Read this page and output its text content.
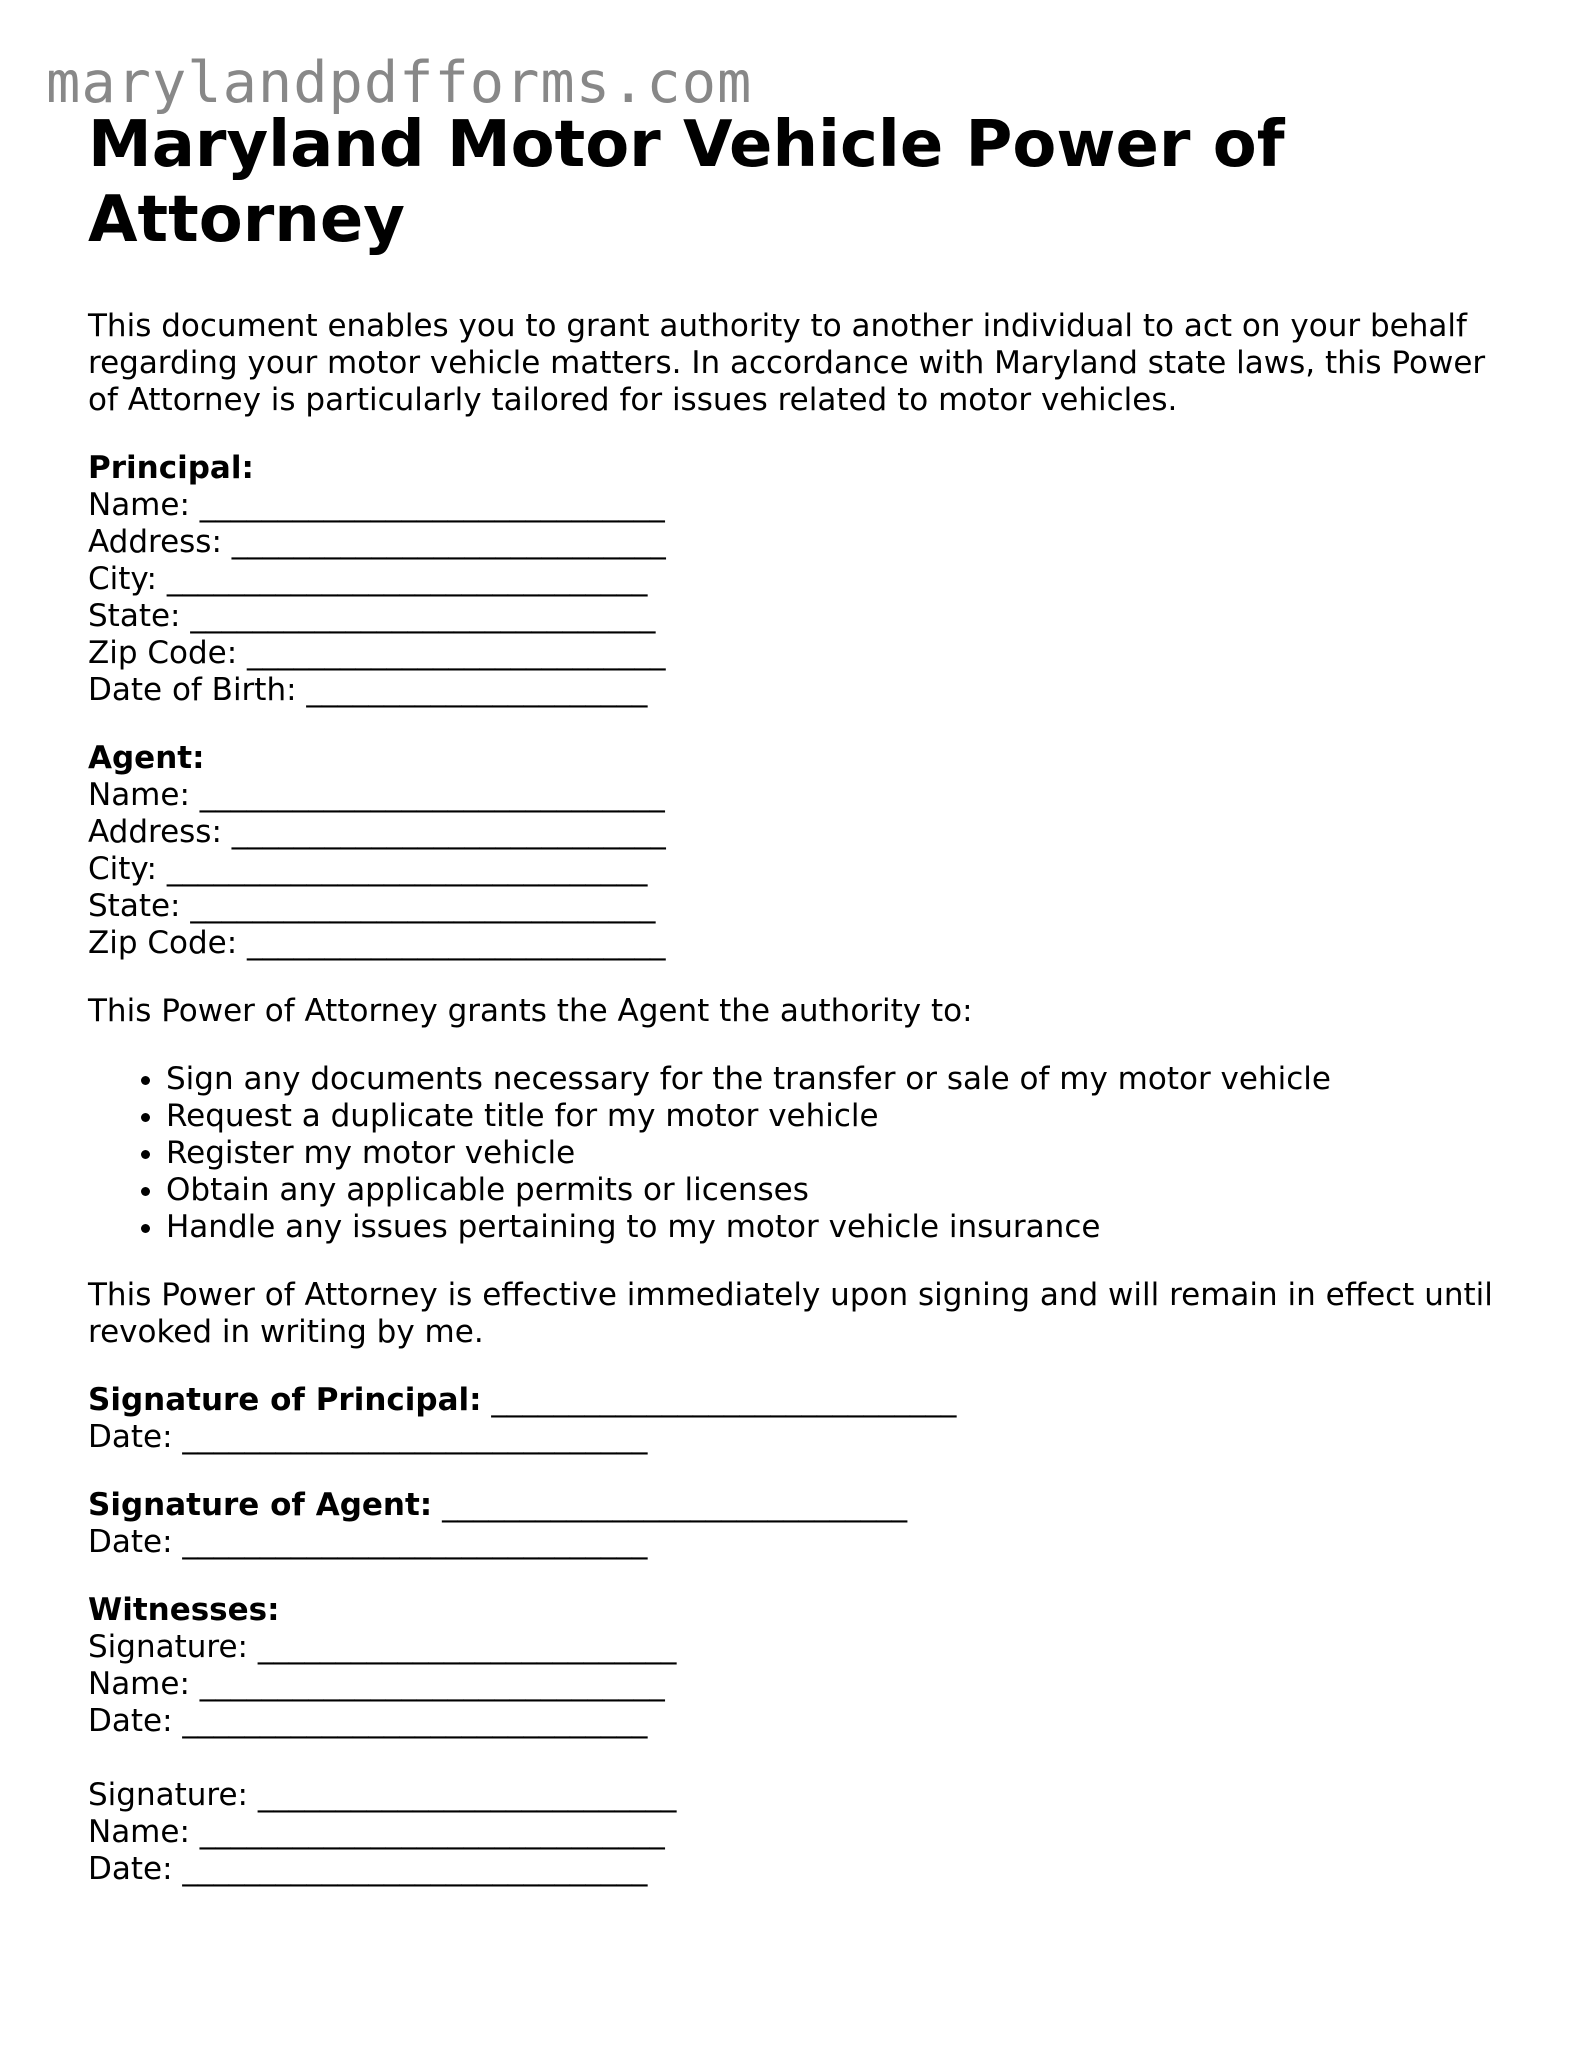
marylandpdfforms.com
Maryland Motor Vehicle Power of Attorney

This document enables you to grant authority to another individual to act on your behalf regarding your motor vehicle matters. In accordance with Maryland state laws, this Power of Attorney is particularly tailored for issues related to motor vehicles.

Principal:
Name: ______________________________
Address: ____________________________
City: _______________________________
State: ______________________________
Zip Code: ___________________________
Date of Birth: ______________________
Agent:
Name: ______________________________
Address: ____________________________
City: _______________________________
State: ______________________________
Zip Code: ___________________________

This Power of Attorney grants the Agent the authority to:

• Sign any documents necessary for the transfer or sale of my motor vehicle
• Request a duplicate title for my motor vehicle
• Register my motor vehicle
• Obtain any applicable permits or licenses
• Handle any issues pertaining to my motor vehicle insurance

This Power of Attorney is effective immediately upon signing and will remain in effect until revoked in writing by me.

Signature of Principal: ______________________________
Date: ______________________________
Signature of Agent: ______________________________
Date: ______________________________
Witnesses:
Signature: ___________________________
Name: ______________________________
Date: ______________________________
Signature: ___________________________
Name: ______________________________
Date: ______________________________
